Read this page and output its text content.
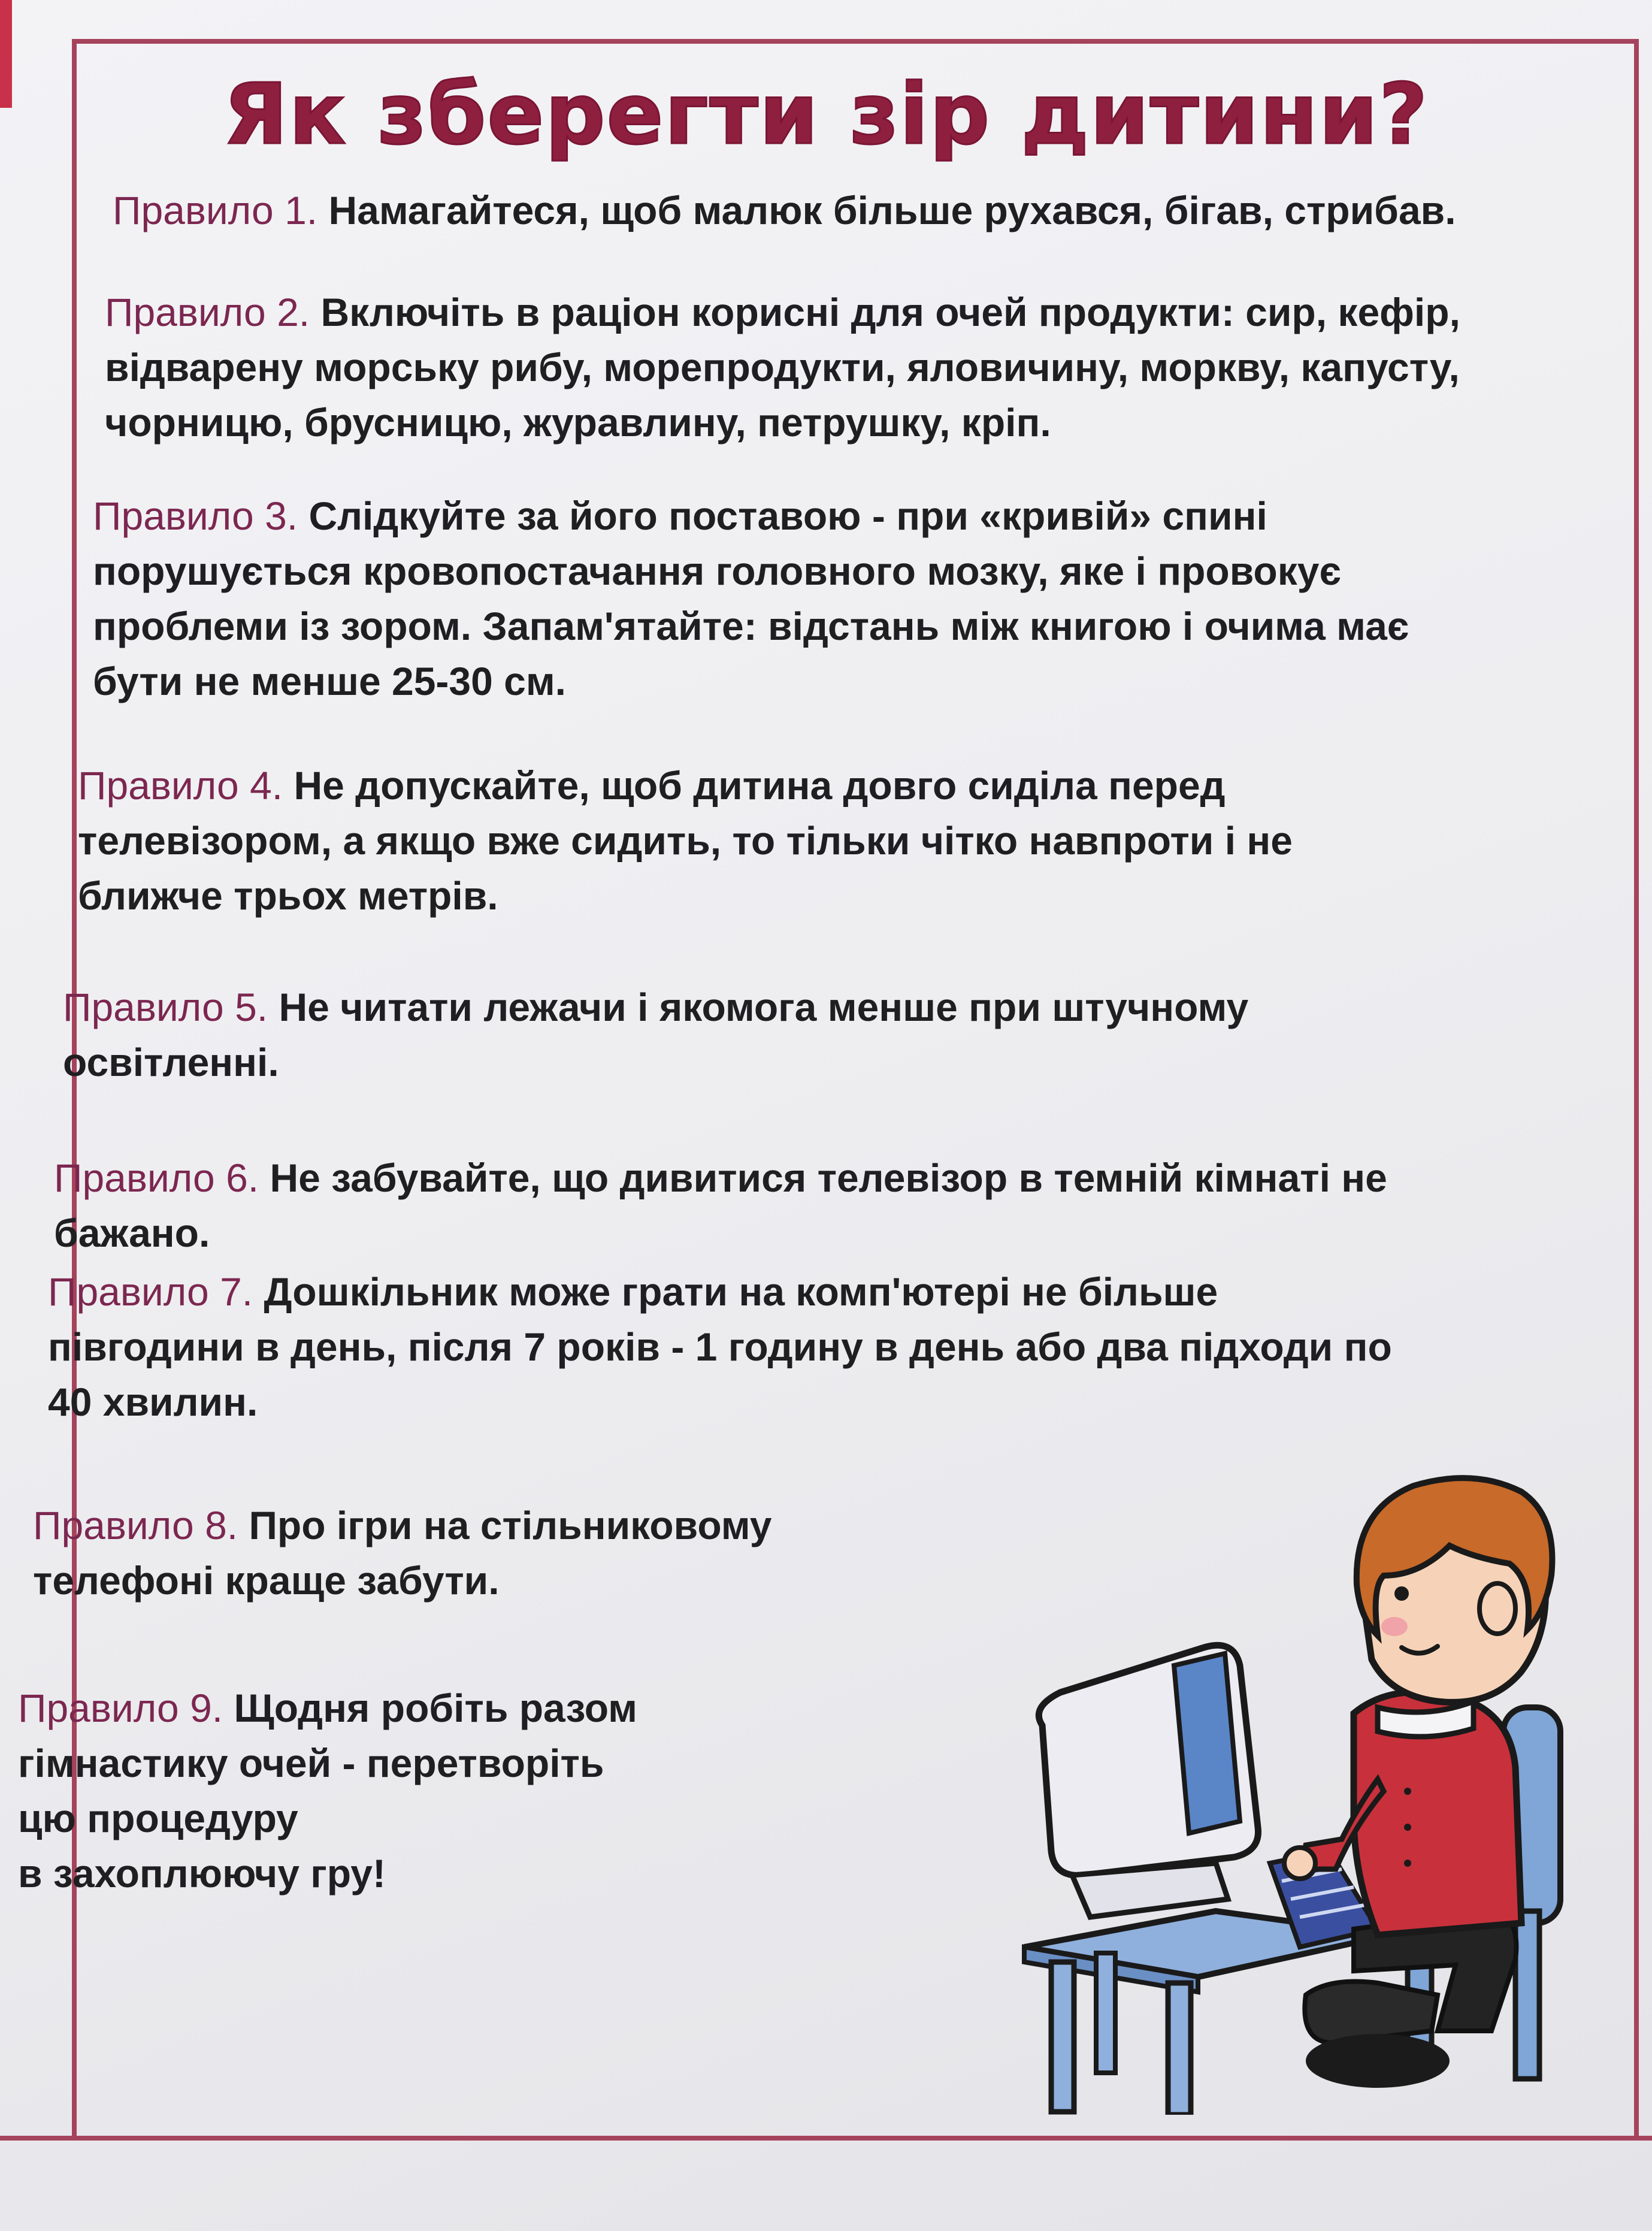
Як зберегти зір дитини?

Правило 1. Намагайтеся, щоб малюк більше рухався, бігав, стрибав.

Правило 2. Включіть в раціон корисні для очей продукти: сир, кефір,
відварену морську рибу, морепродукти, яловичину, моркву, капусту,
чорницю, брусницю, журавлину, петрушку, кріп.

Правило 3. Слідкуйте за його поставою - при «кривій» спині
порушується кровопостачання головного мозку, яке і провокує
проблеми із зором. Запам'ятайте: відстань між книгою і очима має
бути не менше 25-30 см.

Правило 4. Не допускайте, щоб дитина довго сиділа перед
телевізором, а якщо вже сидить, то тільки чітко навпроти і не
ближче трьох метрів.

Правило 5. Не читати лежачи і якомога менше при штучному
освітленні.

Правило 6. Не забувайте, що дивитися телевізор в темній кімнаті не
бажано.

Правило 7. Дошкільник може грати на комп'ютері не більше
півгодини в день, після 7 років - 1 годину в день або два підходи по
40 хвилин.

Правило 8. Про ігри на стільниковому
телефоні краще забути.

Правило 9. Щодня робіть разом
гімнастику очей - перетворіть
цю процедуру
в захоплюючу гру!
